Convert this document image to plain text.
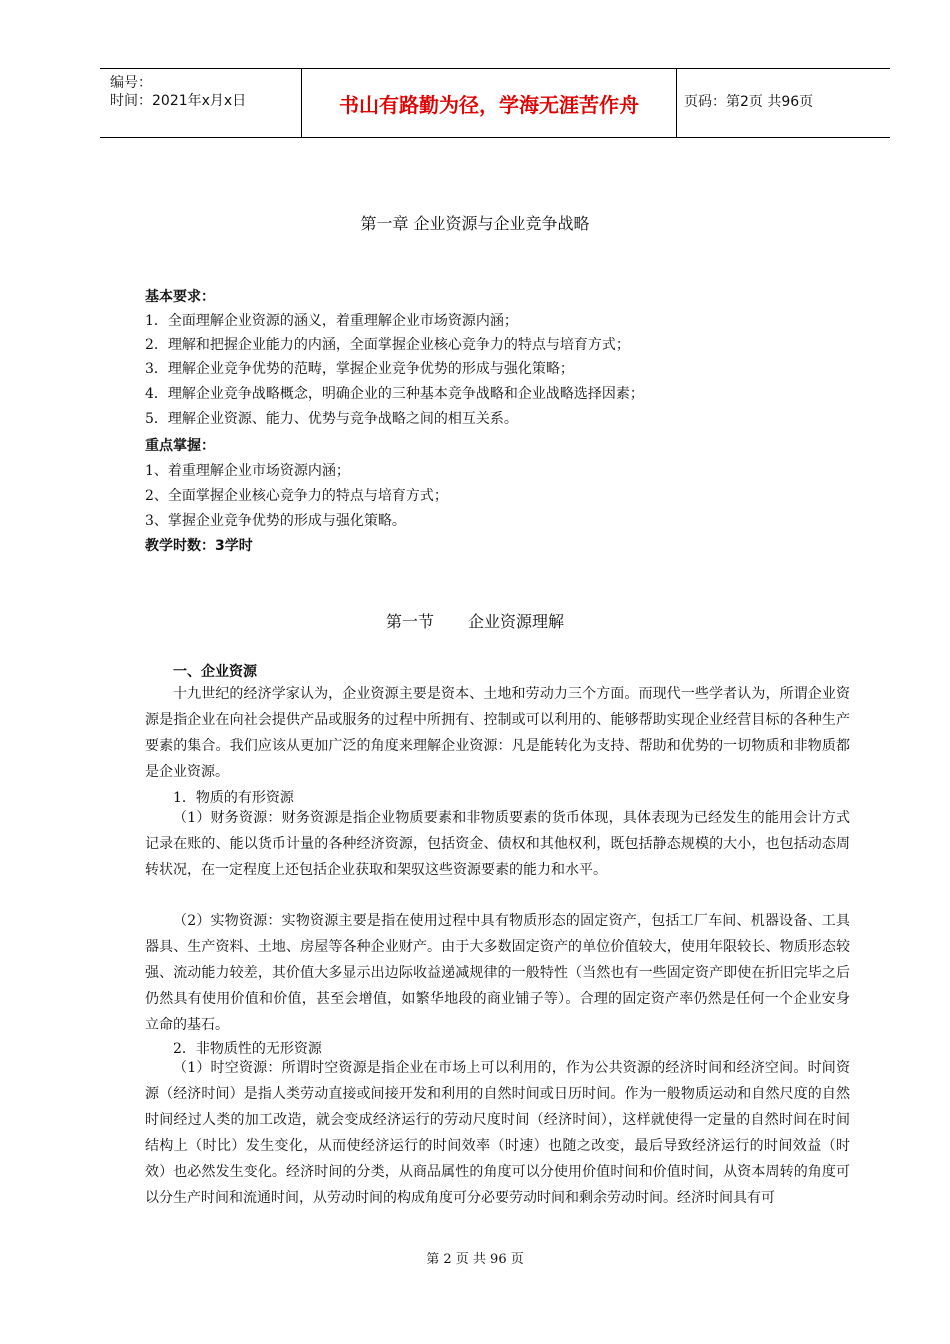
编号：
时间：2021年x月x日	书山有路勤为径，学海无涯苦作舟	页码：第2页 共96页
第一章 企业资源与企业竞争战略
基本要求：
1．全面理解企业资源的涵义，着重理解企业市场资源内涵；
2．理解和把握企业能力的内涵，全面掌握企业核心竞争力的特点与培育方式；
3．理解企业竞争优势的范畴，掌握企业竞争优势的形成与强化策略；
4．理解企业竞争战略概念，明确企业的三种基本竞争战略和企业战略选择因素；
5．理解企业资源、能力、优势与竞争战略之间的相互关系。
重点掌握：
1、着重理解企业市场资源内涵；
2、全面掌握企业核心竞争力的特点与培育方式；
3、掌握企业竞争优势的形成与强化策略。
教学时数：3学时
第一节 企业资源理解
一、企业资源
十九世纪的经济学家认为，企业资源主要是资本、土地和劳动力三个方面。而现代一些学者认为，所谓企业资源是指企业在向社会提供产品或服务的过程中所拥有、控制或可以利用的、能够帮助实现企业经营目标的各种生产要素的集合。我们应该从更加广泛的角度来理解企业资源：凡是能转化为支持、帮助和优势的一切物质和非物质都是企业资源。
1．物质的有形资源
（1）财务资源：财务资源是指企业物质要素和非物质要素的货币体现，具体表现为已经发生的能用会计方式记录在账的、能以货币计量的各种经济资源，包括资金、债权和其他权利，既包括静态规模的大小，也包括动态周转状况，在一定程度上还包括企业获取和架驭这些资源要素的能力和水平。
（2）实物资源：实物资源主要是指在使用过程中具有物质形态的固定资产，包括工厂车间、机器设备、工具器具、生产资料、土地、房屋等各种企业财产。由于大多数固定资产的单位价值较大，使用年限较长、物质形态较强、流动能力较差，其价值大多显示出边际收益递减规律的一般特性（当然也有一些固定资产即使在折旧完毕之后仍然具有使用价值和价值，甚至会增值，如繁华地段的商业铺子等）。合理的固定资产率仍然是任何一个企业安身立命的基石。
2．非物质性的无形资源
（1）时空资源：所谓时空资源是指企业在市场上可以利用的，作为公共资源的经济时间和经济空间。时间资源（经济时间）是指人类劳动直接或间接开发和利用的自然时间或日历时间。作为一般物质运动和自然尺度的自然时间经过人类的加工改造，就会变成经济运行的劳动尺度时间（经济时间），这样就使得一定量的自然时间在时间结构上（时比）发生变化，从而使经济运行的时间效率（时速）也随之改变，最后导致经济运行的时间效益（时效）也必然发生变化。经济时间的分类，从商品属性的角度可以分使用价值时间和价值时间，从资本周转的角度可以分生产时间和流通时间，从劳动时间的构成角度可分必要劳动时间和剩余劳动时间。经济时间具有可
第 2 页 共 96 页
